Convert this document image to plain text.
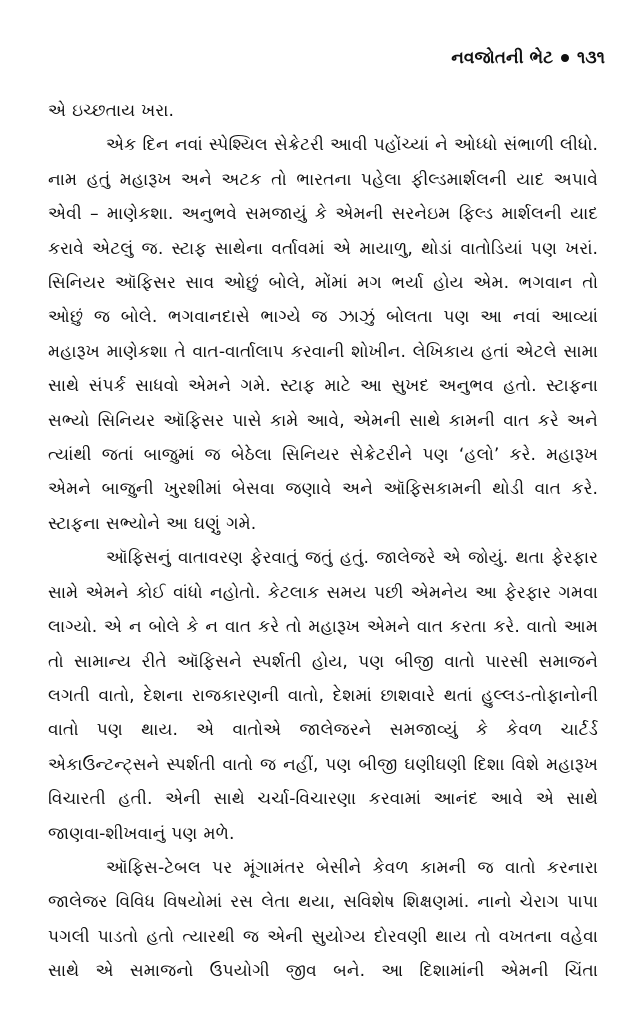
નવજોતની ભેટ ૧૩૧

એ ઇચ્છતાય ખરા.

એક દિન નવાં સ્પેશ્યિલ સેક્રેટરી આવી પહોંચ્યાં ને ઓધ્ધો સંભાળી લીધો. નામ હતું મહારૂખ અને અટક તો ભારતના પહેલા ફીલ્ડમાર્શલની યાદ અપાવે એવી – માણેકશા. અનુભવે સમજાયું કે એમની સરનેઇમ ફિલ્ડ માર્શલની યાદ કરાવે એટલું જ. સ્ટાફ સાથેના વર્તાવમાં એ માયાળુ, થોડાં વાતોડિયાં પણ ખરાં. સિનિયર ઑફિસર સાવ ઓછું બોલે, મોંમાં મગ ભર્યા હોય એમ. ભગવાન તો ઓછું જ બોલે. ભગવાનદાસે ભાગ્યે જ ઝાઝું બોલતા પણ આ નવાં આવ્યાં મહારૂખ માણેકશા તે વાત-વાર્તાલાપ કરવાની શોખીન. લેખિકાય હતાં એટલે સામા સાથે સંપર્ક સાધવો એમને ગમે. સ્ટાફ માટે આ સુખદ અનુભવ હતો. સ્ટાફના સભ્યો સિનિયર ઑફિસર પાસે કામે આવે, એમની સાથે કામની વાત કરે અને ત્યાંથી જતાં બાજુમાં જ બેઠેલા સિનિયર સેક્રેટરીને પણ ‘હલો’ કરે. મહારૂખ એમને બાજુની ખુરશીમાં બેસવા જણાવે અને ઑફિસકામની થોડી વાત કરે. સ્ટાફના સભ્યોને આ ઘણું ગમે.

ઑફિસનું વાતાવરણ ફેરવાતું જતું હતું. જાલેજરે એ જોયું. થતા ફેરફાર સામે એમને કોઈ વાંધો નહોતો. કેટલાક સમય પછી એમનેય આ ફેરફાર ગમવા લાગ્યો. એ ન બોલે કે ન વાત કરે તો મહારૂખ એમને વાત કરતા કરે. વાતો આમ તો સામાન્ય રીતે ઑફિસને સ્પર્શતી હોય, પણ બીજી વાતો પારસી સમાજને લગતી વાતો, દેશના રાજકારણની વાતો, દેશમાં છાશવારે થતાં હુલ્લડ-તોફાનોની વાતો પણ થાય. એ વાતોએ જાલેજરને સમજાવ્યું કે કેવળ ચાર્ટર્ડ એકાઉન્ટન્ટ્સને સ્પર્શતી વાતો જ નહીં, પણ બીજી ઘણીઘણી દિશા વિશે મહારૂખ વિચારતી હતી. એની સાથે ચર્ચા-વિચારણા કરવામાં આનંદ આવે એ સાથે જાણવા-શીખવાનું પણ મળે.

ઑફિસ-ટેબલ પર મૂંગામંતર બેસીને કેવળ કામની જ વાતો કરનારા જાલેજર વિવિધ વિષયોમાં રસ લેતા થયા, સવિશેષ શિક્ષણમાં. નાનો ચેરાગ પાપા પગલી પાડતો હતો ત્યારથી જ એની સુયોગ્ય દોરવણી થાય તો વખતના વહેવા સાથે એ સમાજનો ઉપયોગી જીવ બને. આ દિશામાંની એમની ચિંતા
